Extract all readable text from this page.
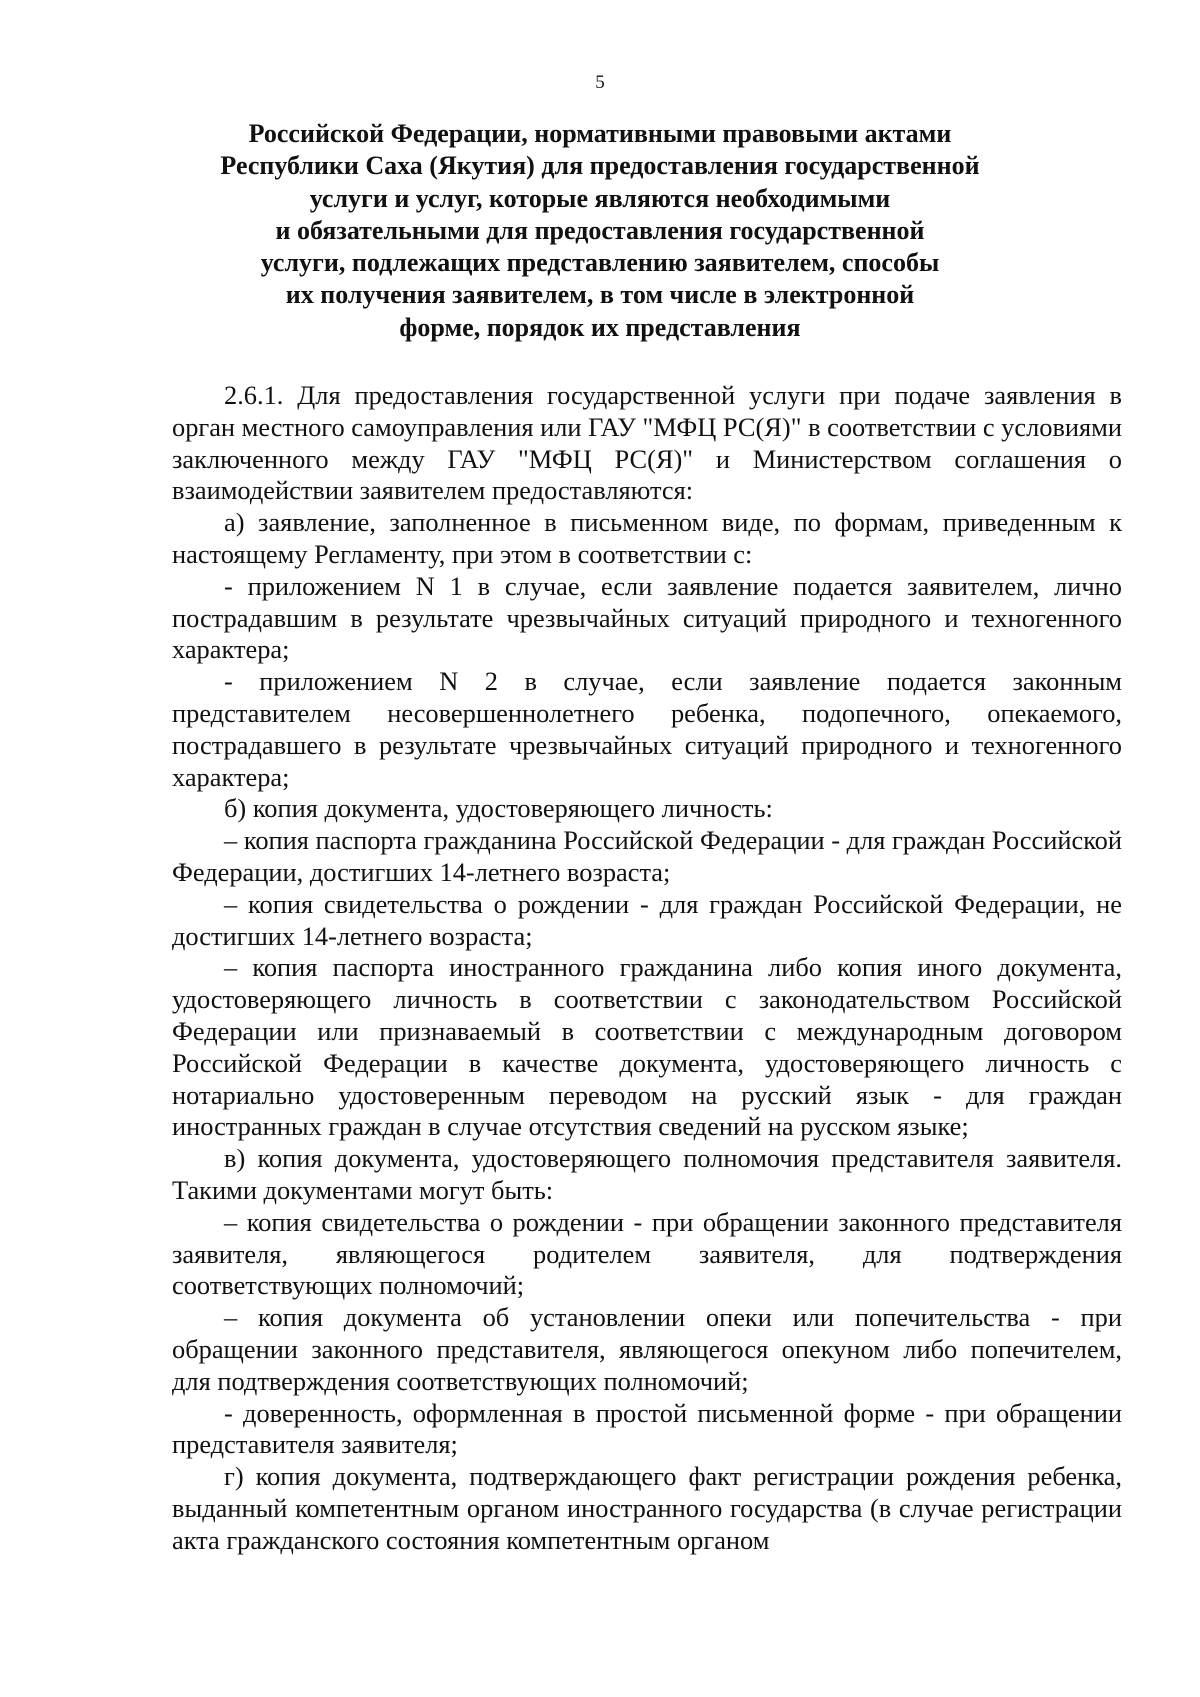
5
Российской Федерации, нормативными правовыми актами
Республики Саха (Якутия) для предоставления государственной
услуги и услуг, которые являются необходимыми
и обязательными для предоставления государственной
услуги, подлежащих представлению заявителем, способы
их получения заявителем, в том числе в электронной
форме, порядок их представления

2.6.1. Для предоставления государственной услуги при подаче заявления в орган местного самоуправления или ГАУ "МФЦ РС(Я)" в соответствии с условиями заключенного между ГАУ "МФЦ РС(Я)" и Министерством соглашения о взаимодействии заявителем предоставляются:

а) заявление, заполненное в письменном виде, по формам, приведенным к настоящему Регламенту, при этом в соответствии с:

- приложением N 1 в случае, если заявление подается заявителем, лично пострадавшим в результате чрезвычайных ситуаций природного и техногенного характера;

- приложением N 2 в случае, если заявление подается законным представителем несовершеннолетнего ребенка, подопечного, опекаемого, пострадавшего в результате чрезвычайных ситуаций природного и техногенного характера;

б) копия документа, удостоверяющего личность:

– копия паспорта гражданина Российской Федерации - для граждан Российской Федерации, достигших 14-летнего возраста;

– копия свидетельства о рождении - для граждан Российской Федерации, не достигших 14-летнего возраста;

– копия паспорта иностранного гражданина либо копия иного документа, удостоверяющего личность в соответствии с законодательством Российской Федерации или признаваемый в соответствии с международным договором Российской Федерации в качестве документа, удостоверяющего личность с нотариально удостоверенным переводом на русский язык - для граждан иностранных граждан в случае отсутствия сведений на русском языке;

в) копия документа, удостоверяющего полномочия представителя заявителя. Такими документами могут быть:

– копия свидетельства о рождении - при обращении законного представителя заявителя, являющегося родителем заявителя, для подтверждения соответствующих полномочий;

– копия документа об установлении опеки или попечительства - при обращении законного представителя, являющегося опекуном либо попечителем, для подтверждения соответствующих полномочий;

- доверенность, оформленная в простой письменной форме - при обращении представителя заявителя;

г) копия документа, подтверждающего факт регистрации рождения ребенка, выданный компетентным органом иностранного государства (в случае регистрации акта гражданского состояния компетентным органом
